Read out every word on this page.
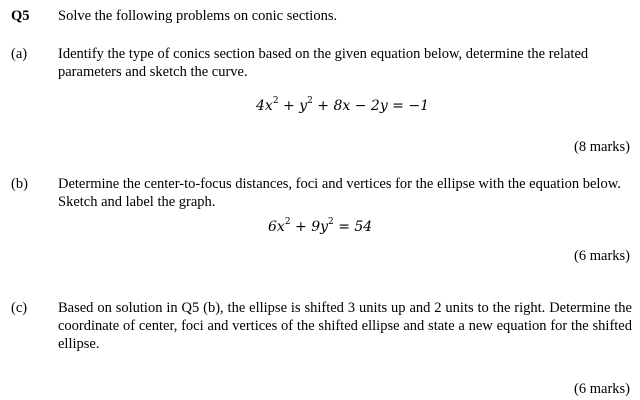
Q5 Solve the following problems on conic sections.
(a) Identify the type of conics section based on the given equation below, determine the related parameters and sketch the curve.
$4x^2 + y^2 + 8x - 2y = -1$
(8 marks)
(b) Determine the center-to-focus distances, foci and vertices for the ellipse with the equation below. Sketch and label the graph.
$6x^2 + 9y^2 = 54$
(6 marks)
(c) Based on solution in Q5 (b), the ellipse is shifted 3 units up and 2 units to the right. Determine the coordinate of center, foci and vertices of the shifted ellipse and state a new equation for the shifted ellipse.
(6 marks)
